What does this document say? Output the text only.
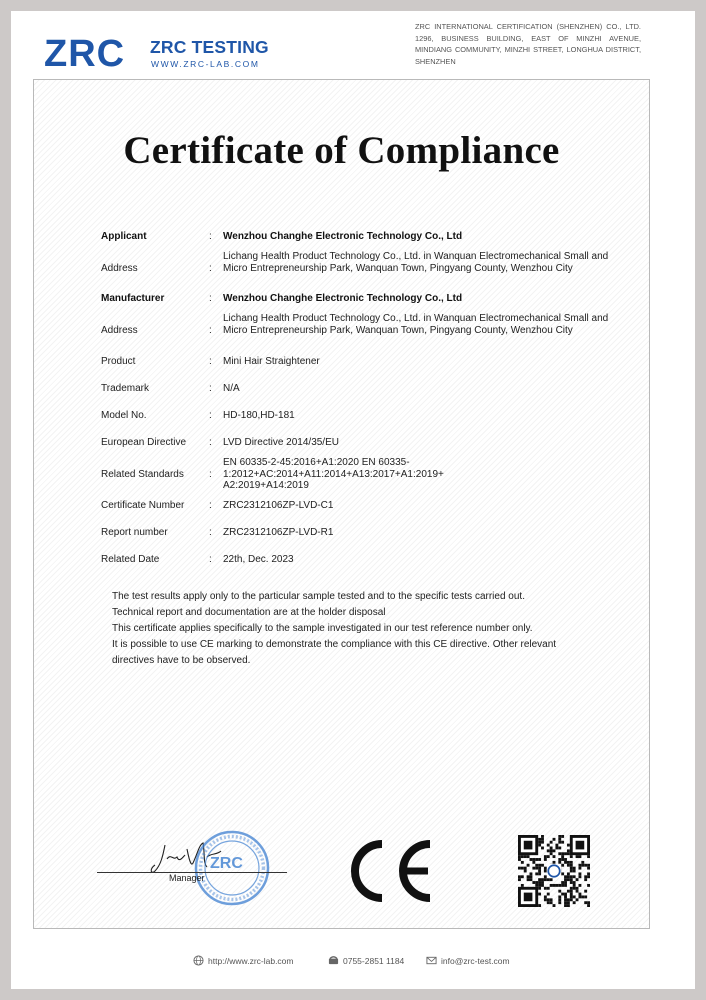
ZRC ZRC TESTING
WWW.ZRC-LAB.COM
ZRC INTERNATIONAL CERTIFICATION (SHENZHEN) CO., LTD. 1296, BUSINESS BUILDING, EAST OF MINZHI AVENUE, MINDIANG COMMUNITY, MINZHI STREET, LONGHUA DISTRICT, SHENZHEN
Certificate of Compliance
Applicant	: Wenzhou Changhe Electronic Technology Co., Ltd
Address	:
Lichang Health Product Technology Co., Ltd. in Wanquan Electromechanical Small and Micro Entrepreneurship Park, Wanquan Town, Pingyang County, Wenzhou City
Manufacturer	: Wenzhou Changhe Electronic Technology Co., Ltd
Address	:
Lichang Health Product Technology Co., Ltd. in Wanquan Electromechanical Small and Micro Entrepreneurship Park, Wanquan Town, Pingyang County, Wenzhou City
Product	: Mini Hair Straightener
Trademark	: N/A
Model No.	: HD-180,HD-181
European Directive : LVD Directive 2014/35/EU
Related Standards	:
EN 60335-2-45:2016+A1:2020 EN 60335-1:2012+AC:2014+A11:2014+A13:2017+A1:2019+ A2:2019+A14:2019
Certificate Number : ZRC2312106ZP-LVD-C1
Report number	: ZRC2312106ZP-LVD-R1
Related Date	: 22th, Dec. 2023
The test results apply only to the particular sample tested and to the specific tests carried out.
Technical report and documentation are at the holder disposal
This certificate applies specifically to the sample investigated in our test reference number only.
It is possible to use CE marking to demonstrate the compliance with this CE directive. Other relevant directives have to be observed.
ZRC
Manager
http://www.zrc-lab.com	0755-2851 1184	info@zrc-test.com
